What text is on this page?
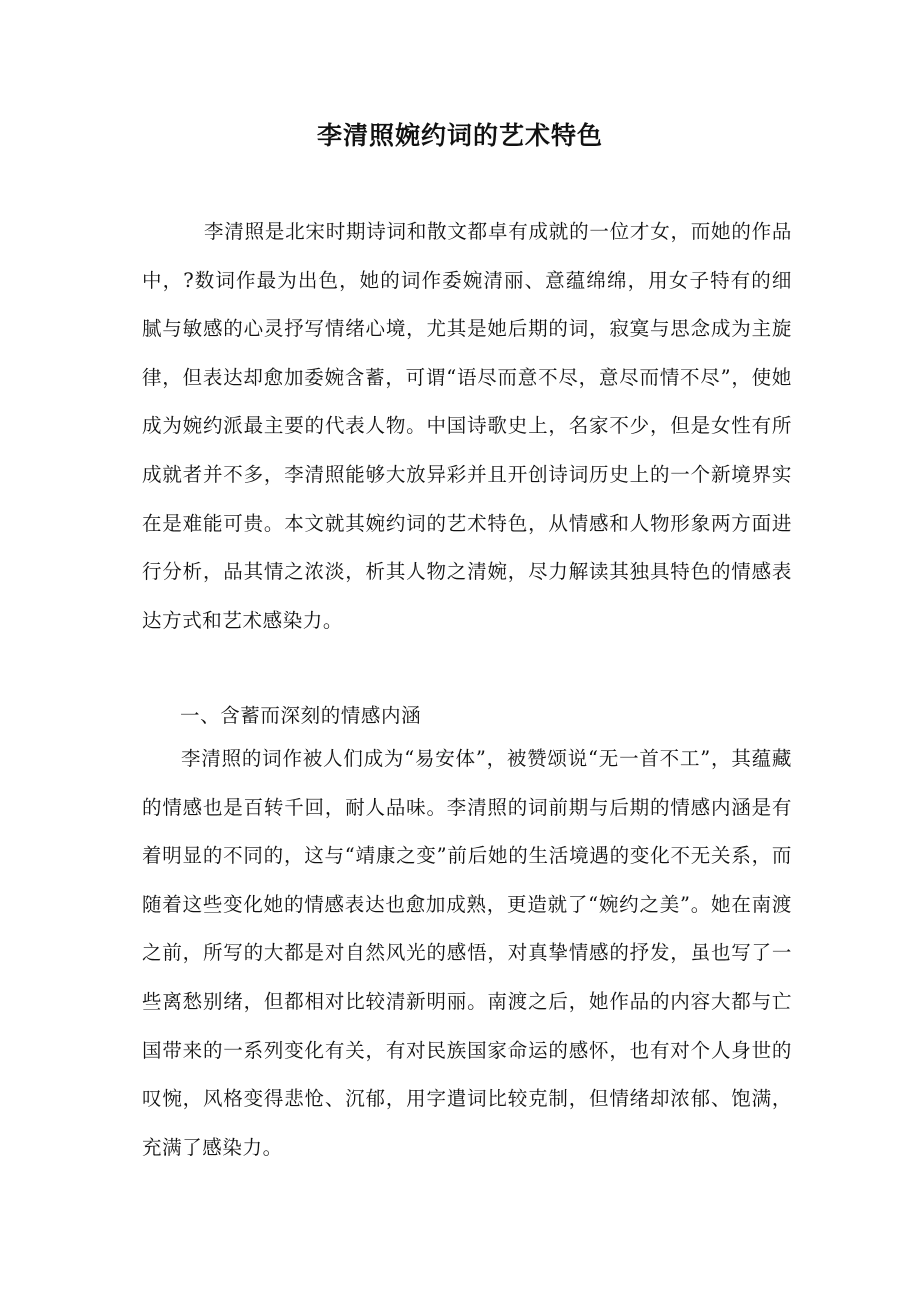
李清照婉约词的艺术特色

李清照是北宋时期诗词和散文都卓有成就的一位才女，而她的作品中，?数词作最为出色，她的词作委婉清丽、意蕴绵绵，用女子特有的细腻与敏感的心灵抒写情绪心境，尤其是她后期的词，寂寞与思念成为主旋律，但表达却愈加委婉含蓄，可谓“语尽而意不尽，意尽而情不尽”，使她成为婉约派最主要的代表人物。中国诗歌史上，名家不少，但是女性有所成就者并不多，李清照能够大放异彩并且开创诗词历史上的一个新境界实在是难能可贵。本文就其婉约词的艺术特色，从情感和人物形象两方面进行分析，品其情之浓淡，析其人物之清婉，尽力解读其独具特色的情感表达方式和艺术感染力。

一、含蓄而深刻的情感内涵

李清照的词作被人们成为“易安体”，被赞颂说“无一首不工”，其蕴藏的情感也是百转千回，耐人品味。李清照的词前期与后期的情感内涵是有着明显的不同的，这与“靖康之变”前后她的生活境遇的变化不无关系，而随着这些变化她的情感表达也愈加成熟，更造就了“婉约之美”。她在南渡之前，所写的大都是对自然风光的感悟，对真挚情感的抒发，虽也写了一些离愁别绪，但都相对比较清新明丽。南渡之后，她作品的内容大都与亡国带来的一系列变化有关，有对民族国家命运的感怀，也有对个人身世的叹惋，风格变得悲怆、沉郁，用字遣词比较克制，但情绪却浓郁、饱满，充满了感染力。
